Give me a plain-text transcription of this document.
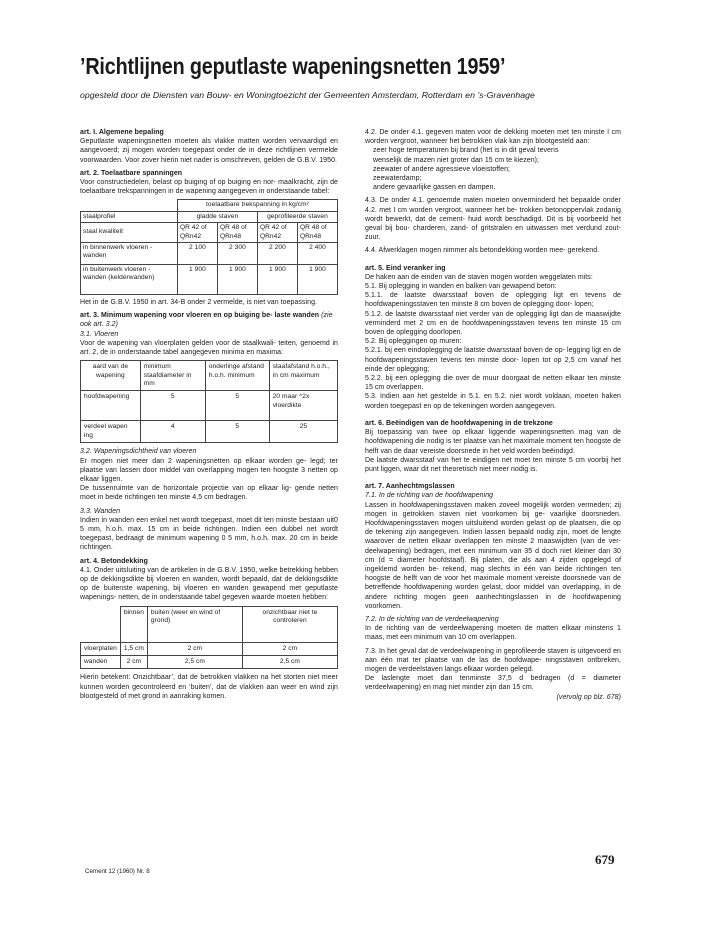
’Richtlijnen geputlaste wapeningsnetten 1959’
opgesteld door de Diensten van Bouw- en Woningtoezicht der Gemeenten Amsterdam, Rotterdam en ’s-Gravenhage

art. I. Algemene bepaling

Geputlaste wapeningsnetten moeten als vlakke matten worden vervaardigd en aangevoerd; zij mogen worden toegepast onder de in deze richtlijnen vermelde voorwaarden. Voor zover hierin niet nader is omschreven, gelden de G.B.V. 1950.

art. 2. Toelaatbare spanningen

Voor constructiedelen, belast op buiging of op buiging en nor- maalkracht, zijn de toelaatbare trekspanningen in de wapening aangegeven in onderstaande tabel:

	toelaatbare trekspanning in kg/cm²			
staalprofiel	gladde staven		geprofileerde staven	
staal kwaliteit	QR 42 of QRn42	QR 48 of QRn48	QR 42 of QRn42	QR 48 of QRn48
in binnenwerk vloeren - wanden	2 100	2 300	2 200	2 400
in buitenwerk vloeren - wanden (kelderwanden)	1 900	1 900	1 900	1 900

Het in de G.B.V. 1950 in art. 34-B onder 2 vermelde, is niet van toepassing.

art. 3. Minimum wapening voor vloeren en op buiging be- laste wanden (zie ook art. 3.2)

3.1. Vloeren

Voor de wapening van vloerplaten gelden voor de staalkwali- teiten, genoemd in art. 2, de in onderstaande tabel aangegeven minima en maxima:

aard van de wapening	minimum staafdiameter in mm	onderlinge afstand h.o.h. minimum	staafafstand h.o.h., in cm maximum
hoofdwapening	5	5	20 maar ^2x vloerdikte
verdeel wapen ing	4	5	25

3.2. Wapeningsdichtheid van vloeren

Er mogen niet meer dan 2 wapeningsnetten op elkaar worden ge- legd; ter plaatse van lassen door middel van overlapping mogen ten hoogste 3 netten op elkaar liggen.

De tussenruimte van de horizontale projectie van op elkaar lig- gende netten moet in beide richtingen ten minste 4,5 cm bedragen.

3.3. Wanden

Indien in wanden een enkel net wordt toegepast, moet dit ten minste bestaan uit0 5 mm, h.o.h. max. 15 cm in beide richtingen. Indien een dubbel net wordt toegepast, bedraagt de minimum wapening 0 5 mm, h.o.h. max. 20 cm in beide richtingen.

art. 4. Betondekking

4.1. Onder uitsluiting van de artikelen in de G.B.V. 1950, welke betrekking hebben op de dekkingsdikte bij vloeren en wanden, wordt bepaald, dat de dekkingsdikte op de buitenste wapening, bij vloeren en wanden gewapend met geputlaste wapenings- netten, de in onderstaande tabel gegeven waarde moeten hebben:

	binnen	buiten (weer en wind of grond)	onzichtbaar niet te controleren
vloerplaten	1,5 cm	2 cm	2 cm
wanden	2 cm	2,5 cm	2,5 cm

Hierin betekent: Onzichtbaar’, dat de betrokken vlakken na het storten niet meer kunnen worden gecontroleerd en ‘buiten’, dat de vlakken aan weer en wind zijn blootgesteld of met grond in aanraking komen.

4.2. De onder 4.1. gegeven maten voor de dekking moeten met ten minste I cm worden vergroot, wanneer het betrokken vlak kan zijn blootgesteld aan:

zeer hoge temperaturen bij brand (het is in dit geval tevens

wenselijk de mazen niet groter dan 15 cm te kiezen);

zeewater of andere agressieve vloeistoffen;

zeewaterdamp;

andere gevaarlijke gassen en dampen.

4.3. De onder 4.1. genoemde maten moeten onverminderd het bepaalde onder 4.2. met I cm worden vergroot, wanneer het be- trokken betonoppervlak zodanig wordt bewerkt, dat de cement- huid wordt beschadigd. Dit is bij voorbeeld het geval bij bou- charderen, zand- of gritstralen en uitwassen met verdund zout- zuur.

4.4. Afwerklagen mogen nimmer als betondekking worden mee- gerekend.

art. 5. Eind veranker ing

De haken aan de einden van de staven mogen worden weggelaten mits:

5.1. Bij oplegging in wanden en balken van gewapend beton:

5.1.1. de laatste dwarsstaaf boven de oplegging ligt en tevens de hoofdwapeningsstaven ten minste 8 cm boven de oplegging door- lopen;

5.1.2. de laatste dwarsstaaf niet verder van de oplegging ligt dan de maaswijdte verminderd met 2 cm en de hoofdwapeningsstaven tevens ten minste 15 cm boven de oplegging doorlopen.

5.2. Bij opleggingen op muren:

5.2.1. bij een eindoplegging de laatste dwarsstaaf boven de op- legging ligt en de hoofdwapeningsstaven tevens ten minste door- lopen tot op 2,5 cm vanaf het einde der oplegging;

5.2.2. bij een oplegging die over de muur doorgaat de netten elkaar ten minste 15 cm overlappen.

5.3. Indien aan het gestelde in 5.1. en 5.2. niet wordt voldaan, moeten haken worden toegepast en op de tekeningen worden aangegeven.

art. 6. Beëindigen van de hoofdwapening in de trekzone

Bij toepassing van twee op elkaar liggende wapeningsnetten mag van de hoofdwapening die nodig is ter plaatse van het maximale moment ten hoogste de helft van de daar vereiste doorsnede in het veld worden beëindigd.

De laatste dwarsstaaf van het te eindigen net moet ten minste 5 cm voorbij het punt liggen, waar dit net theoretisch niet meer nodig is.

art. 7. Aanhechtmgslassen

7.1. In de richting van de hoofdwapening

Lassen in hoofdwapeningsstaven maken zoveel mogelijk worden vermeden; zij mogen in getrokken staven niet voorkomen bij ge- vaarlijke doorsneden. Hoofdwapeningsstaven mogen uitsluitend worden gelast op de plaatsen, die op de tekening zijn aangegeven. Indien lassen bepaald nodig zijn, moet de lengte waarover de netten elkaar overlappen ten minste 2 maaswijdten (van de ver- deelwapening) bedragen, met een minimum van 35 d doch niet kleiner dan 30 cm (d = diameter hoofdstaaf). Bij platen, die als aan 4 zijden opgelegd of ingeklemd worden be- rekend, mag slechts in één van beide richtingen ten hoogste de helft van de voor het maximale moment vereiste doorsnede van de betreffende hoofdwapening worden gelast, door middel van overlapping, in de andere richting mogen geen aanhechtingslassen in de hoofdwapening voorkomen.

7.2. In de richting van de verdeelwapening

In de richting van de verdeelwapening moeten de matten elkaar minstens 1 maas, met een minimum van 10 cm overlappen.

7.3. In het geval dat de verdeelwapening in geprofileerde staven is uitgevoerd en aan één mat ter plaatse van de las de hoofdwape- ningsstaven ontbreken, mogen de verdeelstaven langs elkaar worden gelegd.

De laslengte moet dan tenminste 37,5 d bedragen (d = diameter verdeelwapening) en mag niet minder zijn dan 15 cm.

(vervolg op blz. 678)

679
Cement 12 (1960) Nr. 8
